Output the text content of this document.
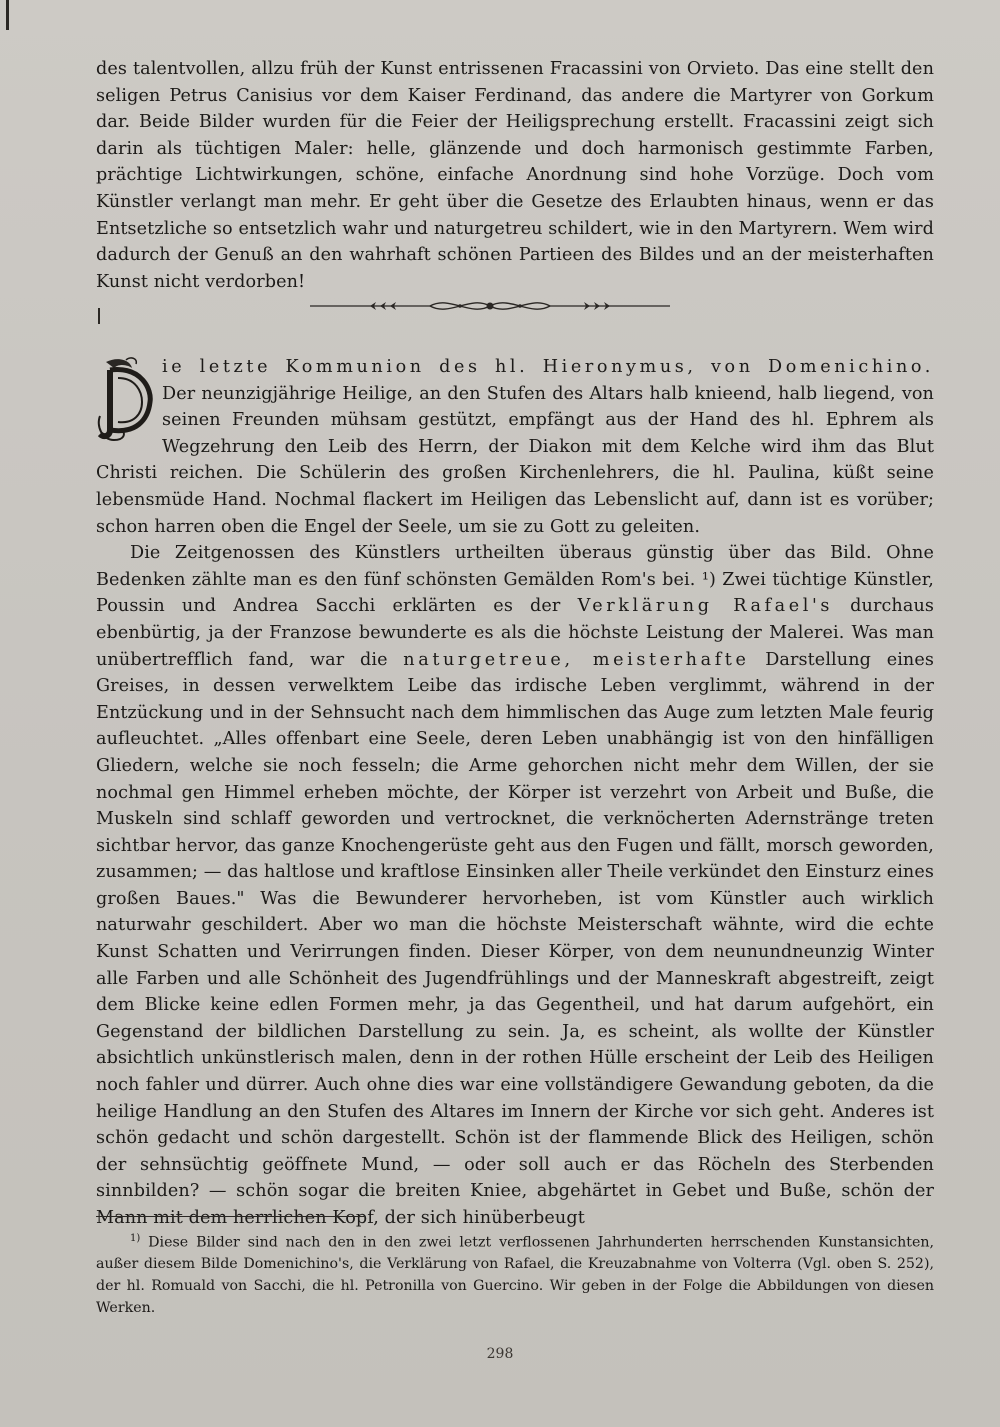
des talentvollen, allzu früh der Kunst entrissenen Fracassini von Orvieto. Das eine stellt den seligen Petrus Canisius vor dem Kaiser Ferdinand, das andere die Martyrer von Gorkum dar. Beide Bilder wurden für die Feier der Heiligsprechung erstellt. Fracassini zeigt sich darin als tüchtigen Maler: helle, glänzende und doch harmonisch gestimmte Farben, prächtige Lichtwirkungen, schöne, einfache Anordnung sind hohe Vorzüge. Doch vom Künstler verlangt man mehr. Er geht über die Gesetze des Erlaubten hinaus, wenn er das Entsetzliche so entsetzlich wahr und naturgetreu schildert, wie in den Martyrern. Wem wird dadurch der Genuß an den wahrhaft schönen Partieen des Bildes und an der meisterhaften Kunst nicht verdorben!

ie letzte Kommunion des hl. Hieronymus, von Domenichino. Der neunzigjährige Heilige, an den Stufen des Altars halb knieend, halb liegend, von seinen Freunden mühsam gestützt, empfängt aus der Hand des hl. Ephrem als Wegzehrung den Leib des Herrn, der Diakon mit dem Kelche wird ihm das Blut Christi reichen. Die Schülerin des großen Kirchenlehrers, die hl. Paulina, küßt seine lebensmüde Hand. Nochmal flackert im Heiligen das Lebenslicht auf, dann ist es vorüber; schon harren oben die Engel der Seele, um sie zu Gott zu geleiten.

Die Zeitgenossen des Künstlers urtheilten überaus günstig über das Bild. Ohne Bedenken zählte man es den fünf schönsten Gemälden Rom's bei. ¹) Zwei tüchtige Künstler, Poussin und Andrea Sacchi erklärten es der Verklärung Rafael's durchaus ebenbürtig, ja der Franzose bewunderte es als die höchste Leistung der Malerei. Was man unübertrefflich fand, war die naturgetreue, meisterhafte Darstellung eines Greises, in dessen verwelktem Leibe das irdische Leben verglimmt, während in der Entzückung und in der Sehnsucht nach dem himmlischen das Auge zum letzten Male feurig aufleuchtet. „Alles offenbart eine Seele, deren Leben unabhängig ist von den hinfälligen Gliedern, welche sie noch fesseln; die Arme gehorchen nicht mehr dem Willen, der sie nochmal gen Himmel erheben möchte, der Körper ist verzehrt von Arbeit und Buße, die Muskeln sind schlaff geworden und vertrocknet, die verknöcherten Adernstränge treten sichtbar hervor, das ganze Knochengerüste geht aus den Fugen und fällt, morsch geworden, zusammen; — das haltlose und kraftlose Einsinken aller Theile verkündet den Einsturz eines großen Baues." Was die Bewunderer hervorheben, ist vom Künstler auch wirklich naturwahr geschildert. Aber wo man die höchste Meisterschaft wähnte, wird die echte Kunst Schatten und Verirrungen finden. Dieser Körper, von dem neunundneunzig Winter alle Farben und alle Schönheit des Jugendfrühlings und der Manneskraft abgestreift, zeigt dem Blicke keine edlen Formen mehr, ja das Gegentheil, und hat darum aufgehört, ein Gegenstand der bildlichen Darstellung zu sein. Ja, es scheint, als wollte der Künstler absichtlich unkünstlerisch malen, denn in der rothen Hülle erscheint der Leib des Heiligen noch fahler und dürrer. Auch ohne dies war eine vollständigere Gewandung geboten, da die heilige Handlung an den Stufen des Altares im Innern der Kirche vor sich geht. Anderes ist schön gedacht und schön dargestellt. Schön ist der flammende Blick des Heiligen, schön der sehnsüchtig geöffnete Mund, — oder soll auch er das Röcheln des Sterbenden sinnbilden? — schön sogar die breiten Kniee, abgehärtet in Gebet und Buße, schön der Mann mit dem herrlichen Kopf, der sich hinüberbeugt

$^{1)}$ Diese Bilder sind nach den in den zwei letzt verflossenen Jahrhunderten herrschenden Kunstansichten, außer diesem Bilde Domenichino's, die Verklärung von Rafael, die Kreuzabnahme von Volterra (Vgl. oben S. 252), der hl. Romuald von Sacchi, die hl. Petronilla von Guercino. Wir geben in der Folge die Abbildungen von diesen Werken.

298
